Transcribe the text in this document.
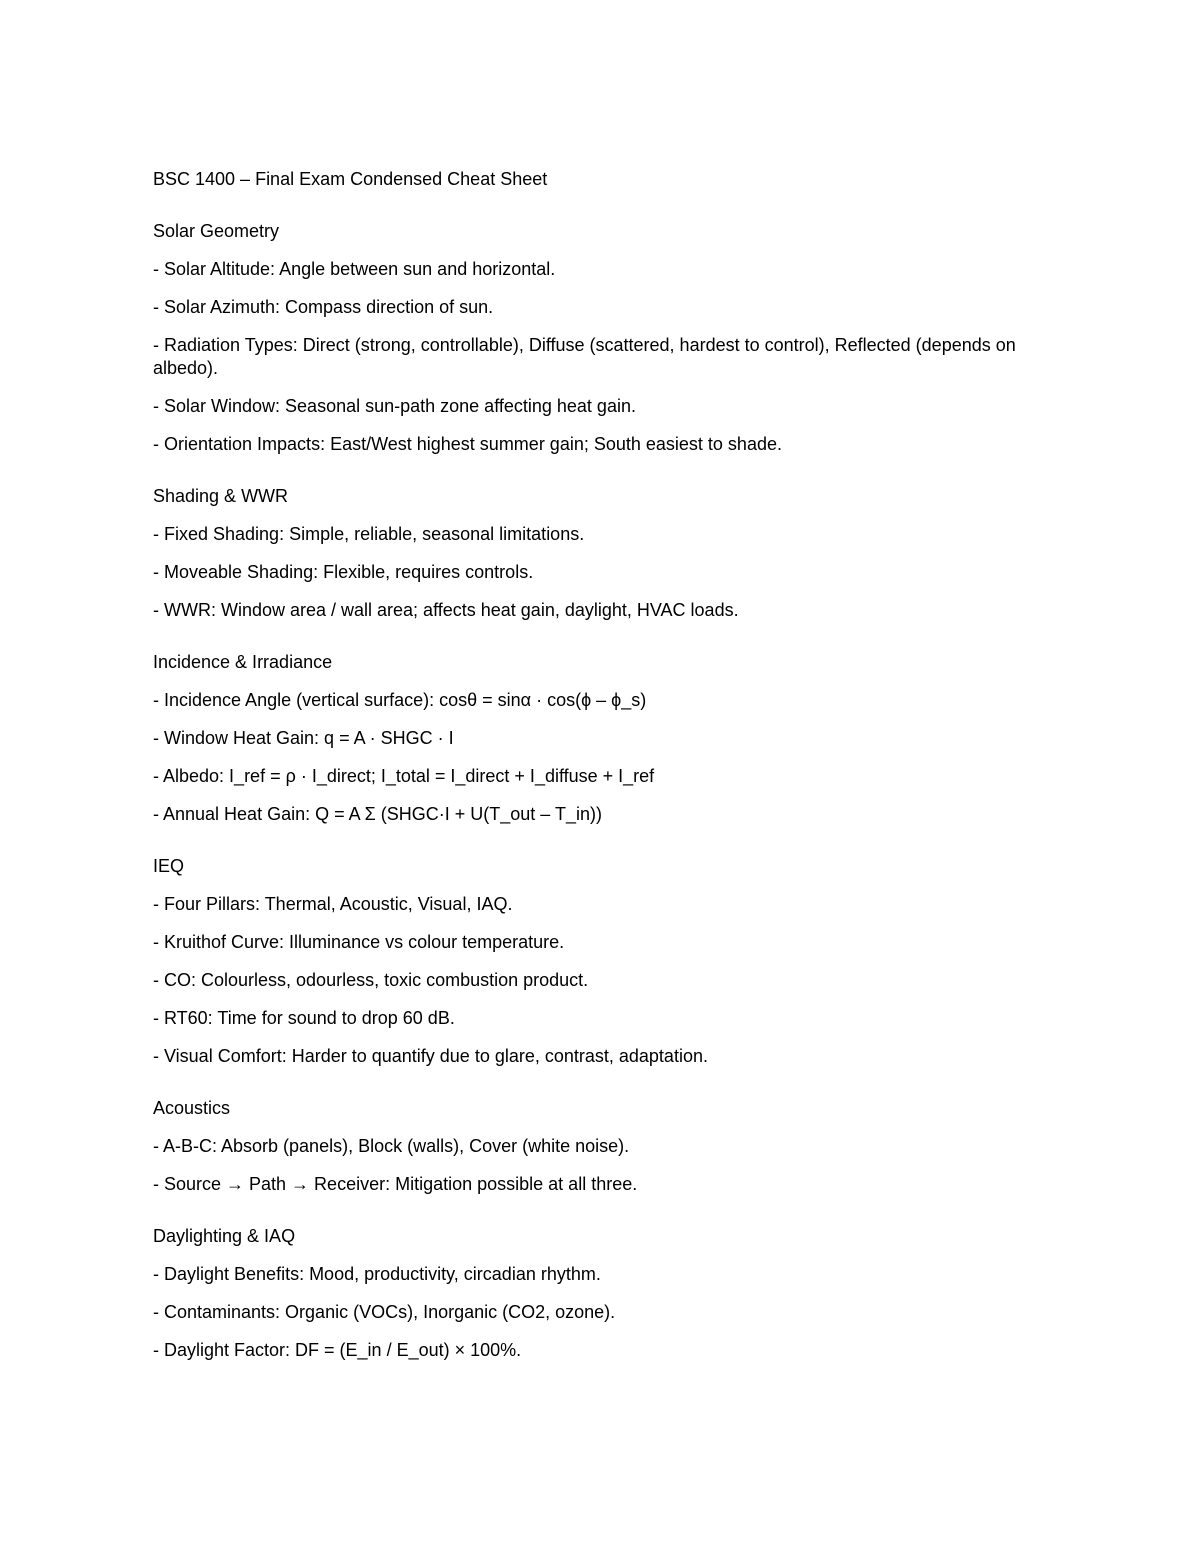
BSC 1400 – Final Exam Condensed Cheat Sheet
Solar Geometry
- Solar Altitude: Angle between sun and horizontal.
- Solar Azimuth: Compass direction of sun.
- Radiation Types: Direct (strong, controllable), Diffuse (scattered, hardest to control), Reflected (depends on albedo).
- Solar Window: Seasonal sun-path zone affecting heat gain.
- Orientation Impacts: East/West highest summer gain; South easiest to shade.
Shading & WWR
- Fixed Shading: Simple, reliable, seasonal limitations.
- Moveable Shading: Flexible, requires controls.
- WWR: Window area / wall area; affects heat gain, daylight, HVAC loads.
Incidence & Irradiance
- Incidence Angle (vertical surface): cosθ = sinα · cos(ϕ – ϕ_s)
- Window Heat Gain: q = A · SHGC · I
- Albedo: I_ref = ρ · I_direct; I_total = I_direct + I_diffuse + I_ref
- Annual Heat Gain: Q = A Σ (SHGC·I + U(T_out – T_in))
IEQ
- Four Pillars: Thermal, Acoustic, Visual, IAQ.
- Kruithof Curve: Illuminance vs colour temperature.
- CO: Colourless, odourless, toxic combustion product.
- RT60: Time for sound to drop 60 dB.
- Visual Comfort: Harder to quantify due to glare, contrast, adaptation.
Acoustics
- A-B-C: Absorb (panels), Block (walls), Cover (white noise).
- Source → Path → Receiver: Mitigation possible at all three.
Daylighting & IAQ
- Daylight Benefits: Mood, productivity, circadian rhythm.
- Contaminants: Organic (VOCs), Inorganic (CO2, ozone).
- Daylight Factor: DF = (E_in / E_out) × 100%.
